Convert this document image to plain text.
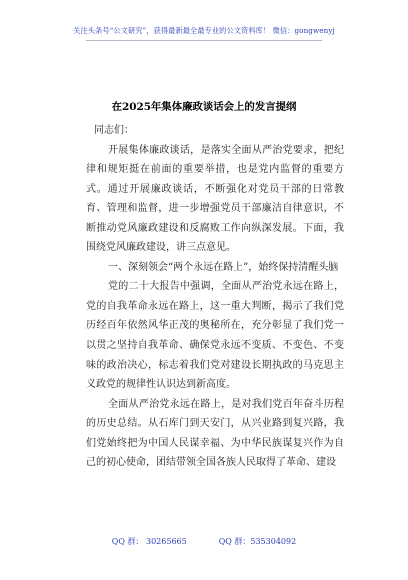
关注头条号“公文研究”，获得最新最全最专业的公文资料库！ 微信：gongwenyj
在2025年集体廉政谈话会上的发言提纲

同志们：

开展集体廉政谈话，是落实全面从严治党要求，把纪律和规矩挺在前面的重要举措，也是党内监督的重要方式。通过开展廉政谈话，不断强化对党员干部的日常教育、管理和监督，进一步增强党员干部廉洁自律意识，不断推动党风廉政建设和反腐败工作向纵深发展。下面，我围绕党风廉政建设，讲三点意见。

一、深刻领会“两个永远在路上”，始终保持清醒头脑

党的二十大报告中强调，全面从严治党永远在路上，党的自我革命永远在路上，这一重大判断，揭示了我们党历经百年依然风华正茂的奥秘所在，充分彰显了我们党一以贯之坚持自我革命、确保党永远不变质、不变色、不变味的政治决心，标志着我们党对建设长期执政的马克思主义政党的规律性认识达到新高度。

全面从严治党永远在路上，是对我们党百年奋斗历程的历史总结。从石库门到天安门，从兴业路到复兴路，我们党始终把为中国人民谋幸福、为中华民族谋复兴作为自己的初心使命，团结带领全国各族人民取得了革命、建设

QQ 群： 30265665	QQ 群：535304092
